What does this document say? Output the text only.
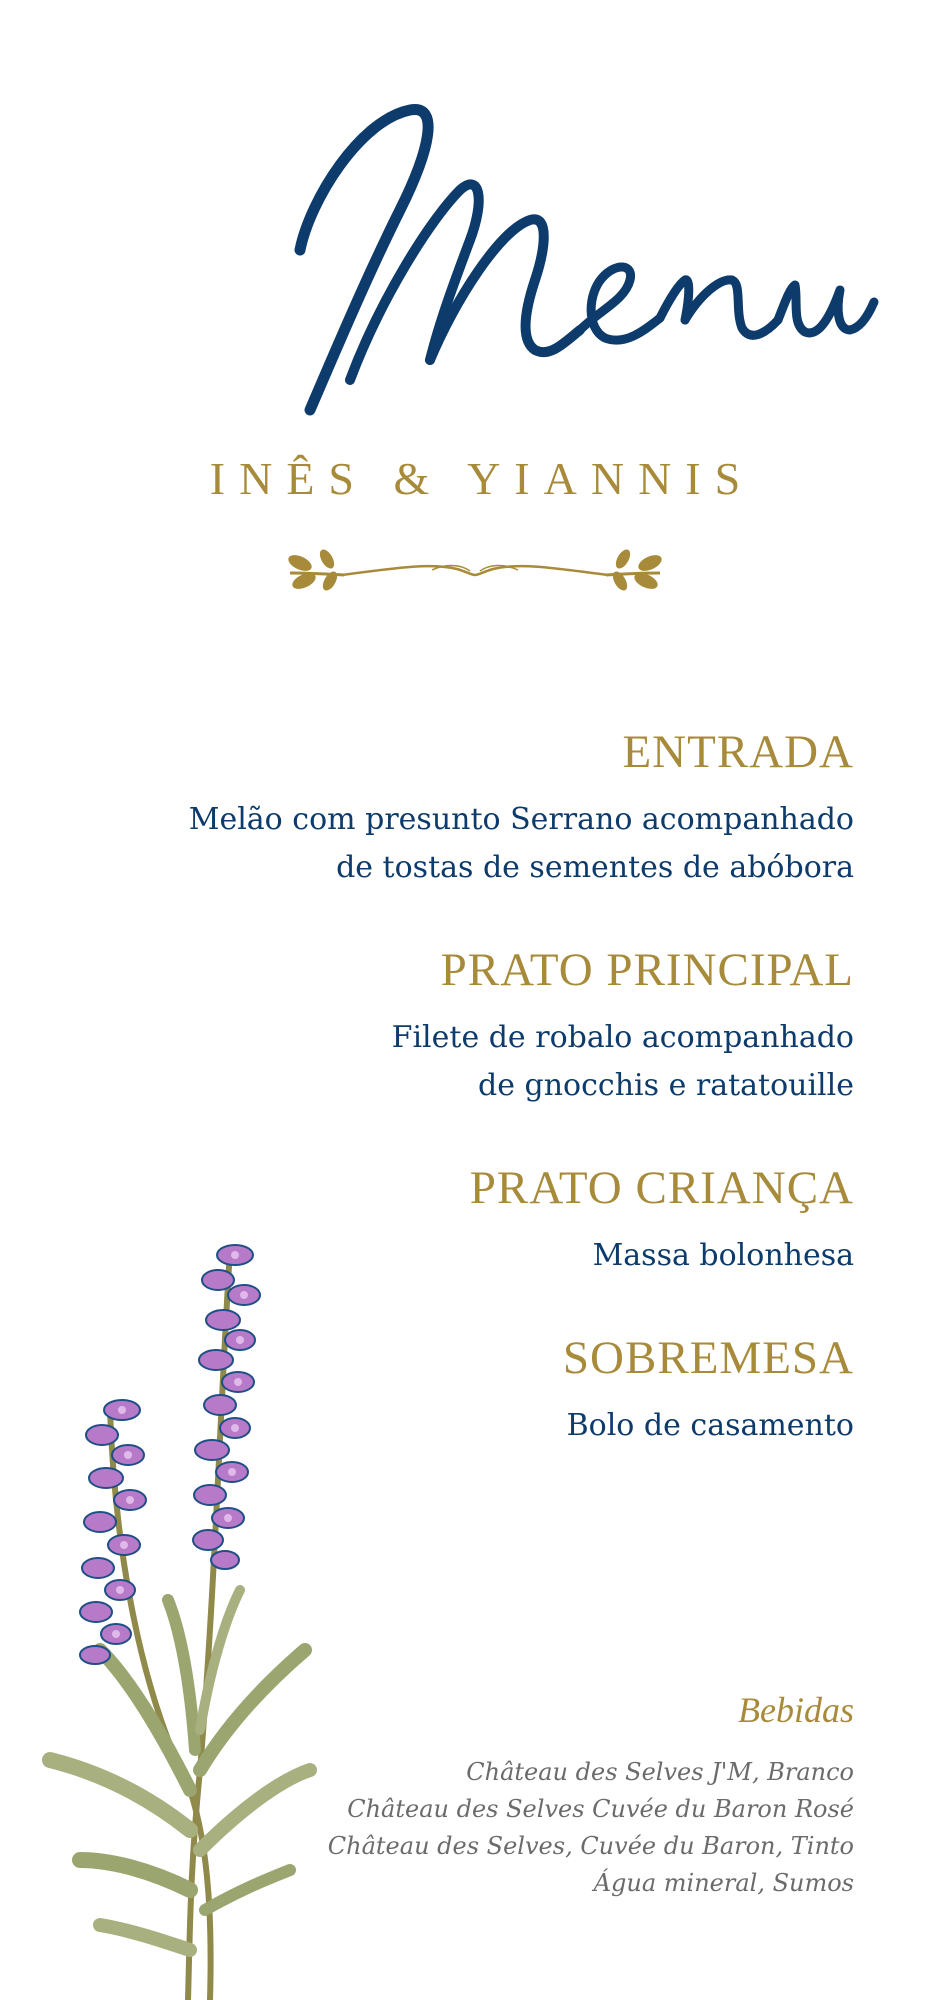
INÊS & YIANNIS
ENTRADA
Melão com presunto Serrano acompanhado
de tostas de sementes de abóbora
PRATO PRINCIPAL
Filete de robalo acompanhado
de gnocchis e ratatouille
PRATO CRIANÇA
Massa bolonhesa
SOBREMESA
Bolo de casamento
Bebidas
Château des Selves J'M, Branco
Château des Selves Cuvée du Baron Rosé
Château des Selves, Cuvée du Baron, Tinto
Água mineral, Sumos
